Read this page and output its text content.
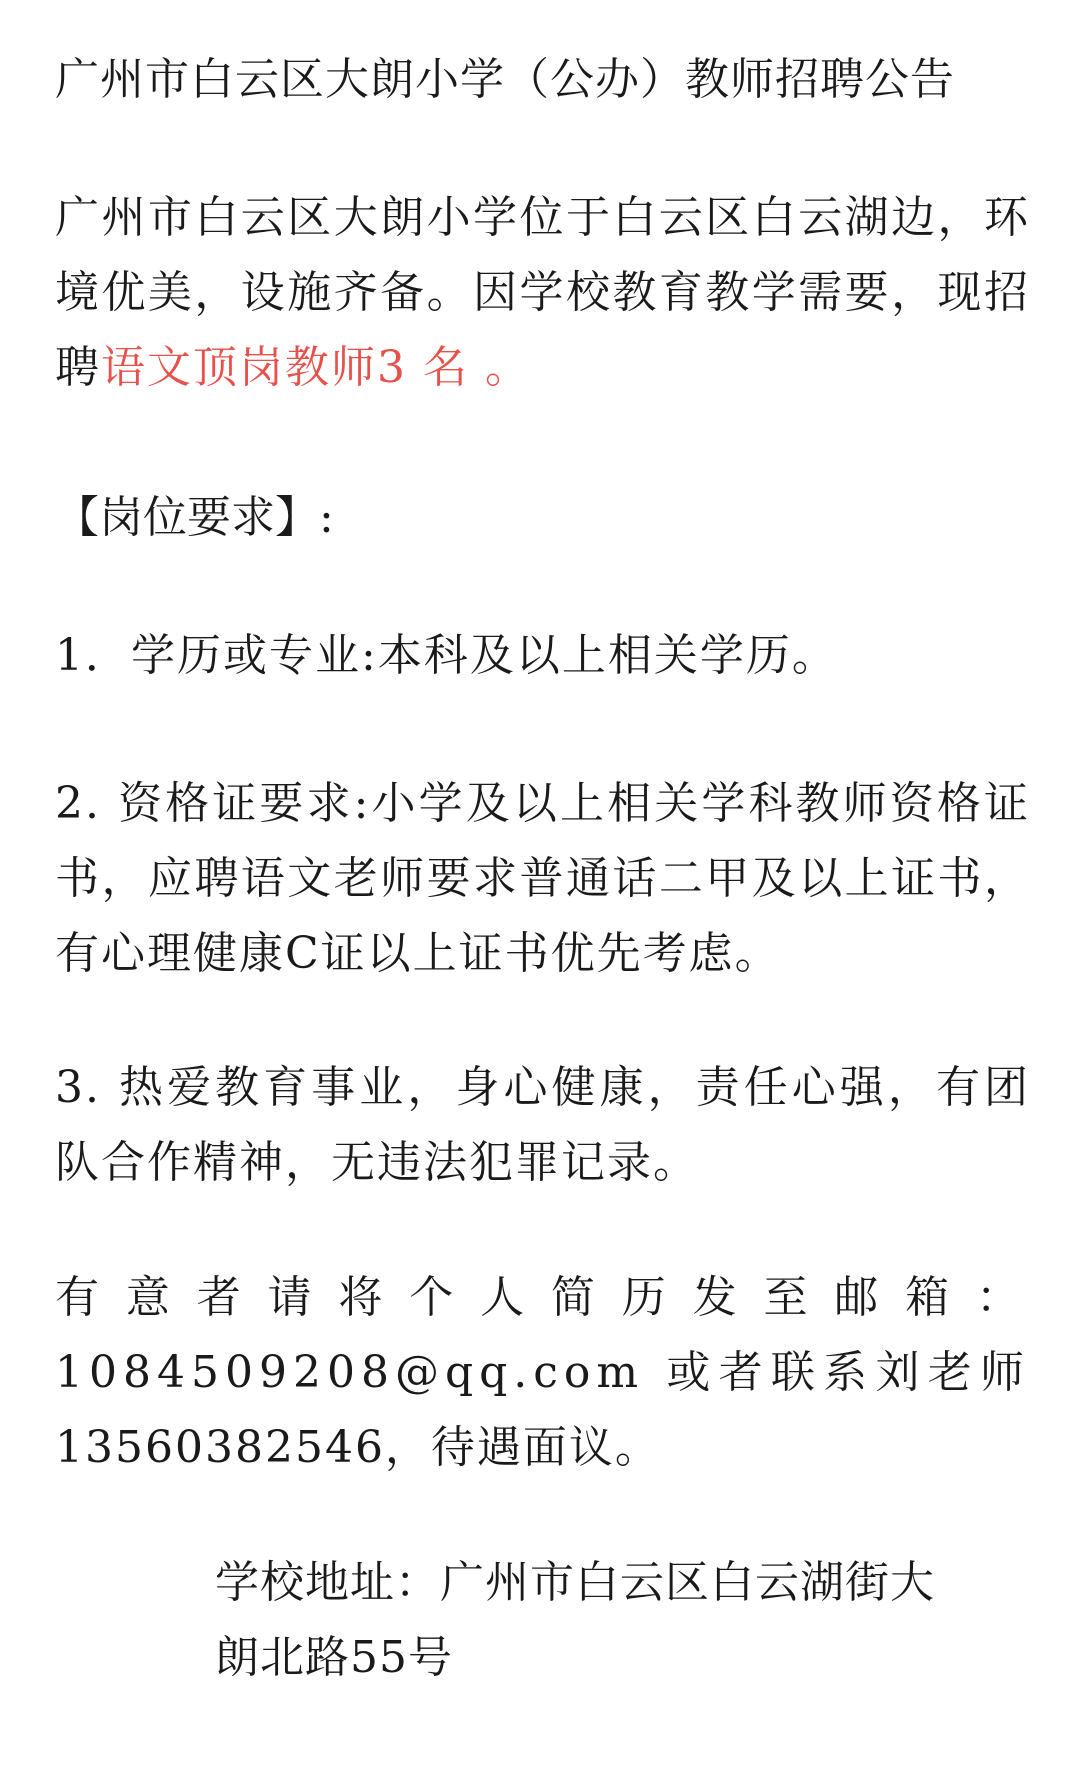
广州市白云区大朗小学（公办）教师招聘公告
广州市白云区大朗小学位于白云区白云湖边，环境优美，设施齐备。因学校教育教学需要，现招聘语文顶岗教师3 名 。
【岗位要求】:
1．学历或专业:本科及以上相关学历。
2. 资格证要求:小学及以上相关学科教师资格证书，应聘语文老师要求普通话二甲及以上证书，有心理健康C证以上证书优先考虑。
3. 热爱教育事业，身心健康，责任心强，有团队合作精神，无违法犯罪记录。
有意者请将个人简历发至邮箱：
1084509208@qq.com 或者联系刘老师
13560382546，待遇面议。
学校地址：广州市白云区白云湖街大朗北路55号
